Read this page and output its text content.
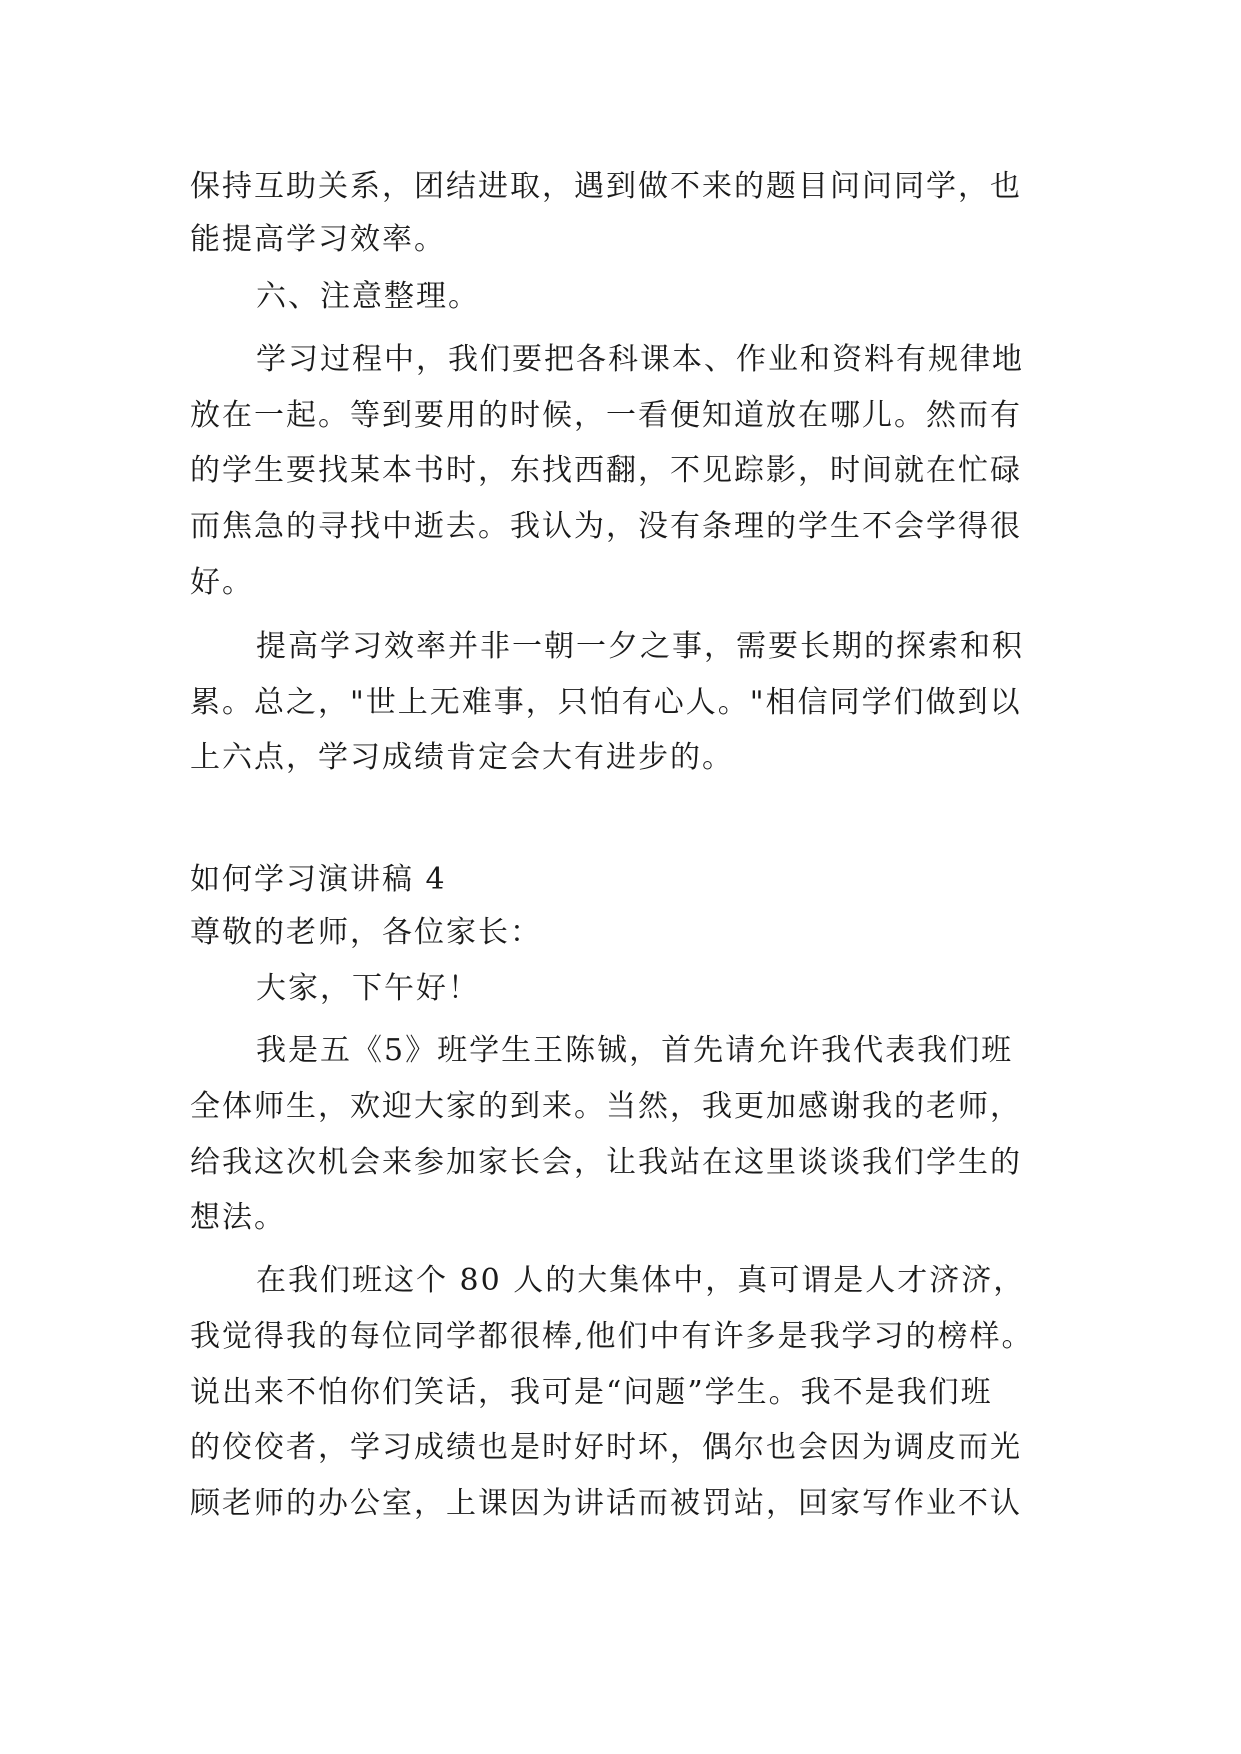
保持互助关系，团结进取，遇到做不来的题目问问同学，也
能提高学习效率。
六、注意整理。
学习过程中，我们要把各科课本、作业和资料有规律地
放在一起。等到要用的时候，一看便知道放在哪儿。然而有
的学生要找某本书时，东找西翻，不见踪影，时间就在忙碌
而焦急的寻找中逝去。我认为，没有条理的学生不会学得很
好。
提高学习效率并非一朝一夕之事，需要长期的探索和积
累。总之，"世上无难事，只怕有心人。"相信同学们做到以
上六点，学习成绩肯定会大有进步的。
如何学习演讲稿 4
尊敬的老师，各位家长：
大家，下午好！
我是五《5》班学生王陈铖，首先请允许我代表我们班
全体师生，欢迎大家的到来。当然，我更加感谢我的老师，
给我这次机会来参加家长会，让我站在这里谈谈我们学生的
想法。
在我们班这个 80 人的大集体中，真可谓是人才济济，
我觉得我的每位同学都很棒,他们中有许多是我学习的榜样。
说出来不怕你们笑话，我可是“问题”学生。我不是我们班
的佼佼者，学习成绩也是时好时坏，偶尔也会因为调皮而光
顾老师的办公室，上课因为讲话而被罚站，回家写作业不认
